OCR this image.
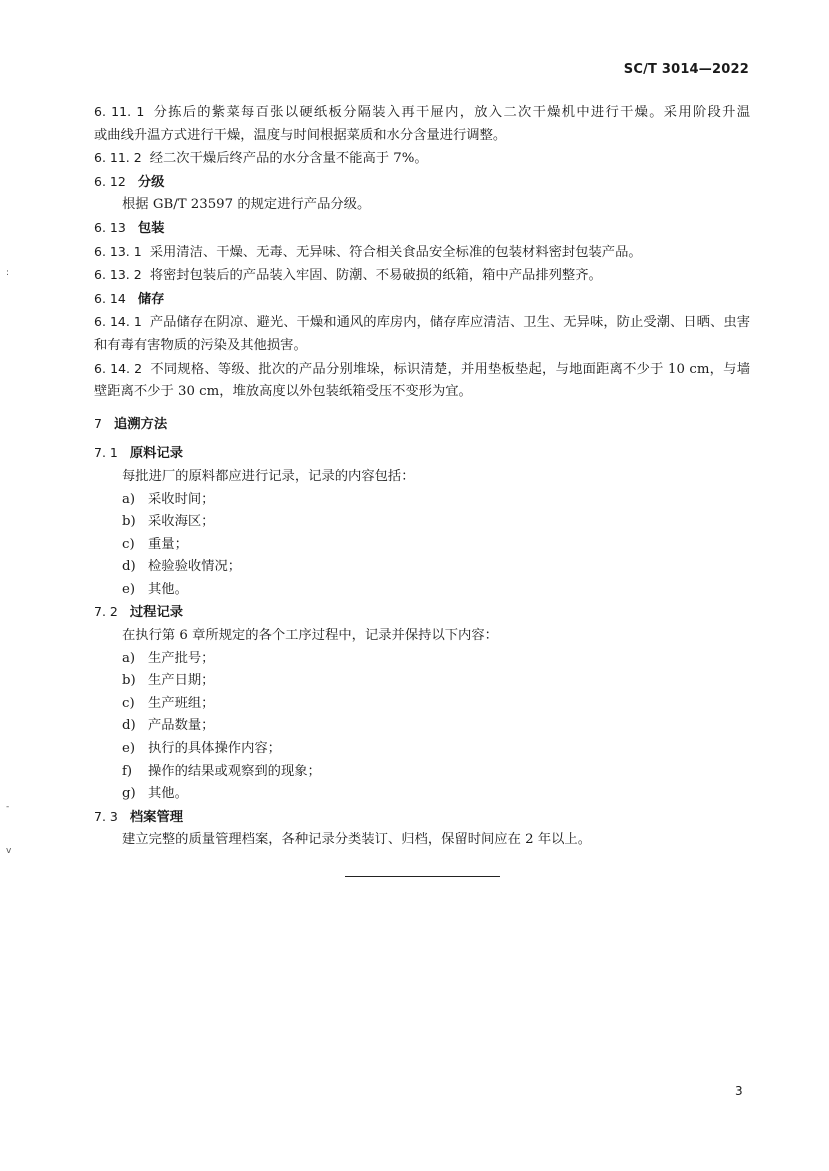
SC/T 3014—2022
6. 11. 1 分拣后的紫菜每百张以硬纸板分隔装入再干屉内，放入二次干燥机中进行干燥。采用阶段升温
或曲线升温方式进行干燥，温度与时间根据菜质和水分含量进行调整。
6. 11. 2 经二次干燥后终产品的水分含量不能高于 7%。
6. 12 分级
根据 GB/T 23597 的规定进行产品分级。
6. 13 包装
6. 13. 1 采用清洁、干燥、无毒、无异味、符合相关食品安全标准的包装材料密封包装产品。
6. 13. 2 将密封包装后的产品装入牢固、防潮、不易破损的纸箱，箱中产品排列整齐。
6. 14 储存
6. 14. 1 产品储存在阴凉、避光、干燥和通风的库房内，储存库应清洁、卫生、无异味，防止受潮、日晒、虫害
和有毒有害物质的污染及其他损害。
6. 14. 2 不同规格、等级、批次的产品分别堆垛，标识清楚，并用垫板垫起，与地面距离不少于 10 cm，与墙
壁距离不少于 30 cm，堆放高度以外包装纸箱受压不变形为宜。
7 追溯方法
7. 1 原料记录
每批进厂的原料都应进行记录，记录的内容包括：
a) 采收时间；
b) 采收海区；
c) 重量；
d) 检验验收情况；
e) 其他。
7. 2 过程记录
在执行第 6 章所规定的各个工序过程中，记录并保持以下内容：
a) 生产批号；
b) 生产日期；
c) 生产班组；
d) 产品数量；
e) 执行的具体操作内容；
f) 操作的结果或观察到的现象；
g) 其他。
7. 3 档案管理
建立完整的质量管理档案，各种记录分类装订、归档，保留时间应在 2 年以上。
3
:
-
v
